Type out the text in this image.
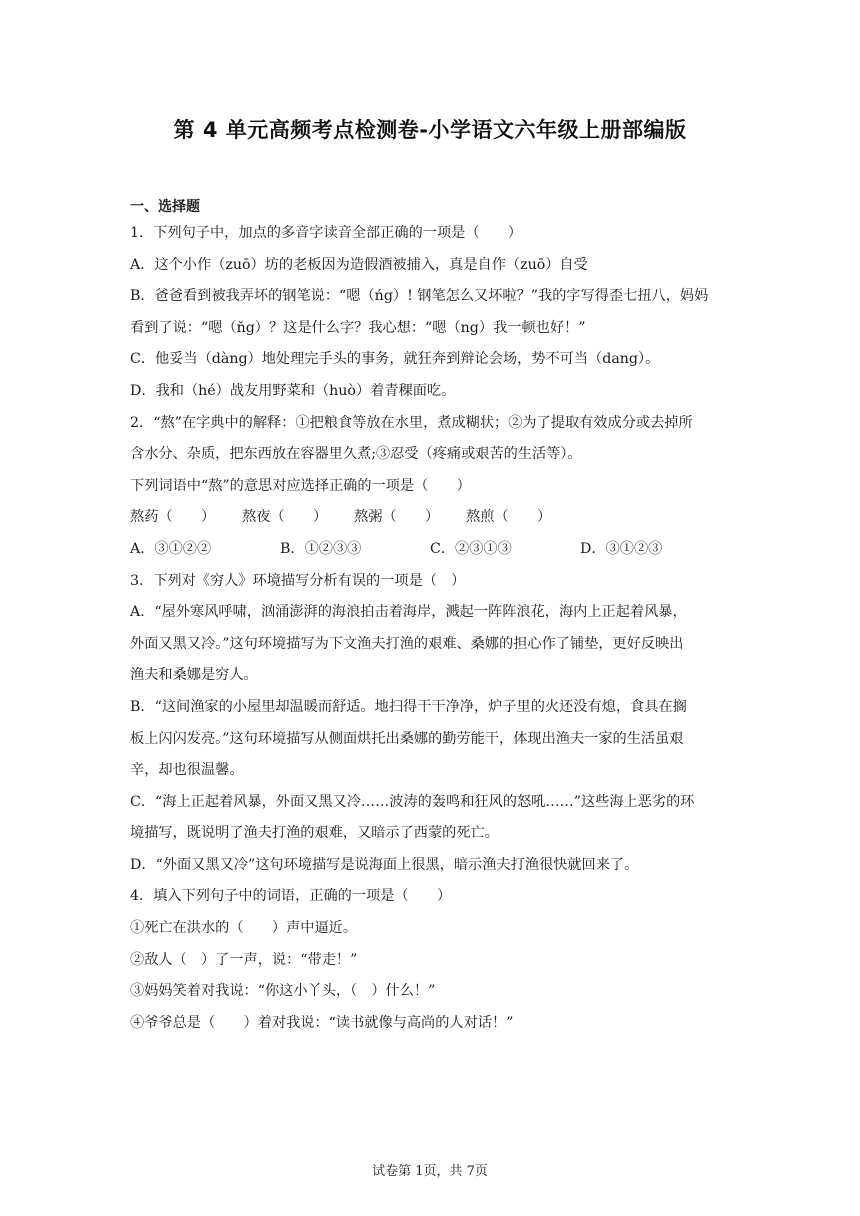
第 4 单元高频考点检测卷-小学语文六年级上册部编版
一、选择题
1．下列句子中，加点的多音字读音全部正确的一项是（　　）
A．这个小作（zuō）坊的老板因为造假酒被捕入，真是自作（zuō）自受
B．爸爸看到被我弄坏的钢笔说：“嗯（ńg）! 钢笔怎么又坏啦？”我的字写得歪七扭八，妈妈
看到了说：“嗯（ňg）？这是什么字？我心想：“嗯（ng）我一顿也好！”
C．他妥当（dàng）地处理完手头的事务，就狂奔到辩论会场，势不可当（dang）。
D．我和（hé）战友用野菜和（huò）着青稞面吃。
2．“熬”在字典中的解释：①把粮食等放在水里，煮成糊状；②为了提取有效成分或去掉所
含水分、杂质，把东西放在容器里久煮;③忍受（疼痛或艰苦的生活等）。
下列词语中“熬”的意思对应选择正确的一项是（　　）
熬药（　　）	熬夜（　　）	熬粥（　　）	熬煎（　　）
A．③①②②	B．①②③③	C．②③①③	D．③①②③
3．下列对《穷人》环境描写分析有误的一项是（　）
A．“屋外寒风呼啸，汹涌澎湃的海浪拍击着海岸，溅起一阵阵浪花，海内上正起着风暴，
外面又黑又冷。”这句环境描写为下文渔夫打渔的艰难、桑娜的担心作了铺垫，更好反映出
渔夫和桑娜是穷人。
B．“这间渔家的小屋里却温暖而舒适。地扫得干干净净，炉子里的火还没有熄，食具在搁
板上闪闪发亮。”这句环境描写从侧面烘托出桑娜的勤劳能干，体现出渔夫一家的生活虽艰
辛，却也很温馨。
C．“海上正起着风暴，外面又黑又冷……波涛的轰鸣和狂风的怒吼……”这些海上恶劣的环
境描写，既说明了渔夫打渔的艰难，又暗示了西蒙的死亡。
D．“外面又黑又冷”这句环境描写是说海面上很黑，暗示渔夫打渔很快就回来了。
4．填入下列句子中的词语，正确的一项是（　　）
①死亡在洪水的（　　）声中逼近。
②敌人（　）了一声，说：“带走！”
③妈妈笑着对我说：“你这小丫头，（　）什么！”
④爷爷总是（　　）着对我说：“读书就像与高尚的人对话！”
试卷第 1页，共 7页
